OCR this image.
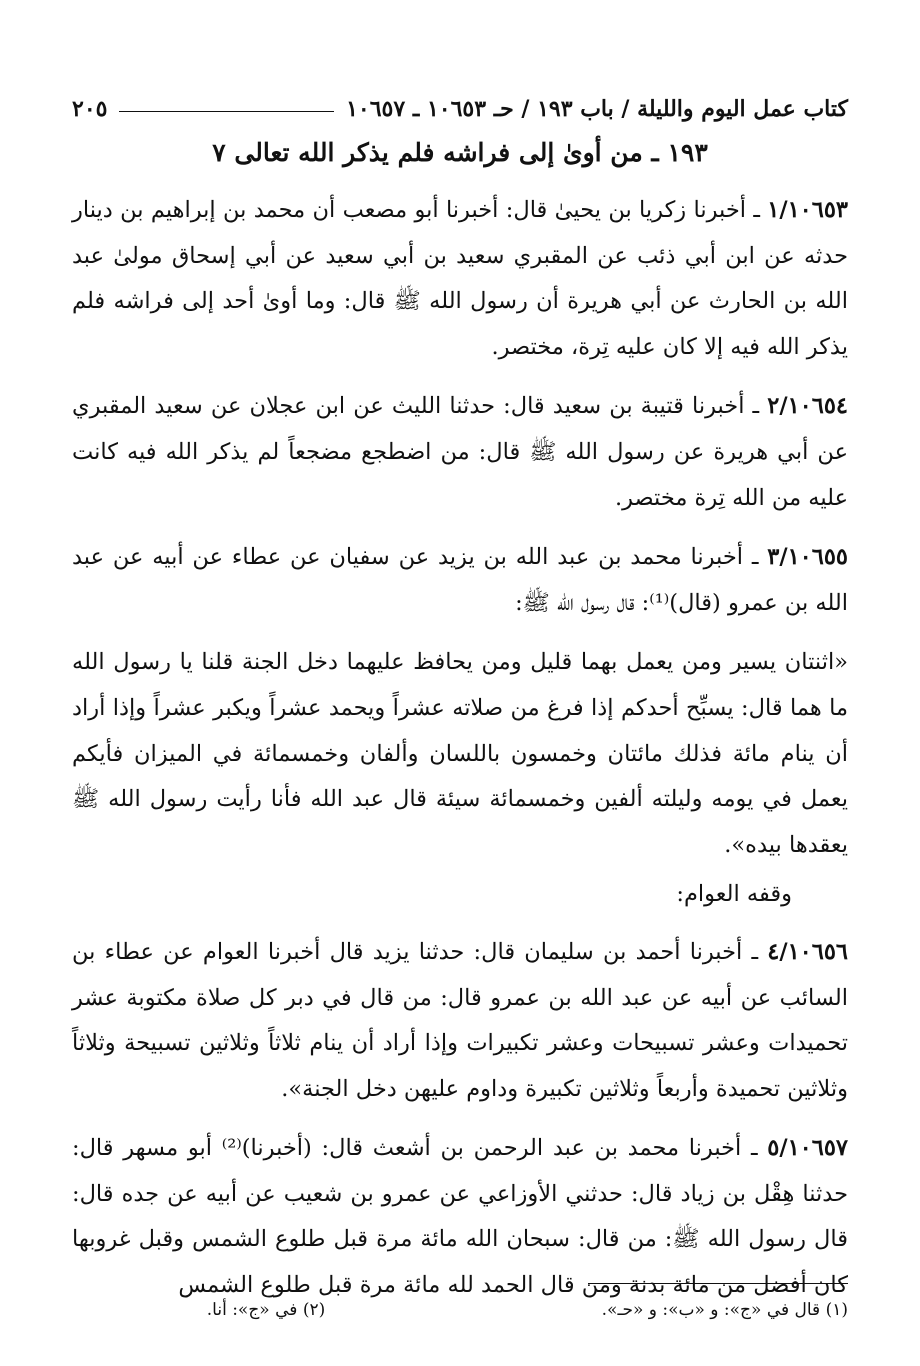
كتاب عمل اليوم والليلة / باب ١٩٣ / حـ ١٠٦٥٣ ـ ١٠٦٥٧
٢٠٥
١٩٣ ـ من أوىٰ إلى فراشه فلم يذكر الله تعالى ٧

١/١٠٦٥٣ ـ أخبرنا زكريا بن يحيىٰ قال: أخبرنا أبو مصعب أن محمد بن إبراهيم بن دينار حدثه عن ابن أبي ذئب عن المقبري سعيد بن أبي سعيد عن أبي إسحاق مولىٰ عبد الله بن الحارث عن أبي هريرة أن رسول الله ﷺ قال: وما أوىٰ أحد إلى فراشه فلم يذكر الله فيه إلا كان عليه تِرة، مختصر.

٢/١٠٦٥٤ ـ أخبرنا قتيبة بن سعيد قال: حدثنا الليث عن ابن عجلان عن سعيد المقبري عن أبي هريرة عن رسول الله ﷺ قال: من اضطجع مضجعاً لم يذكر الله فيه كانت عليه من الله تِرة مختصر.

٣/١٠٦٥٥ ـ أخبرنا محمد بن عبد الله بن يزيد عن سفيان عن عطاء عن أبيه عن عبد الله بن عمرو (قال)⁽¹⁾: قال رسول الله ﷺ:

«اثنتان يسير ومن يعمل بهما قليل ومن يحافظ عليهما دخل الجنة قلنا يا رسول الله ما هما قال: يسبِّح أحدكم إذا فرغ من صلاته عشراً ويحمد عشراً ويكبر عشراً وإذا أراد أن ينام مائة فذلك مائتان وخمسون باللسان وألفان وخمسمائة في الميزان فأيكم يعمل في يومه وليلته ألفين وخمسمائة سيئة قال عبد الله فأنا رأيت رسول الله ﷺ يعقدها بيده».

وقفه العوام:

٤/١٠٦٥٦ ـ أخبرنا أحمد بن سليمان قال: حدثنا يزيد قال أخبرنا العوام عن عطاء بن السائب عن أبيه عن عبد الله بن عمرو قال: من قال في دبر كل صلاة مكتوبة عشر تحميدات وعشر تسبيحات وعشر تكبيرات وإذا أراد أن ينام ثلاثاً وثلاثين تسبيحة وثلاثاً وثلاثين تحميدة وأربعاً وثلاثين تكبيرة وداوم عليهن دخل الجنة».

٥/١٠٦٥٧ ـ أخبرنا محمد بن عبد الرحمن بن أشعث قال: (أخبرنا)⁽²⁾ أبو مسهر قال: حدثنا هِقْل بن زياد قال: حدثني الأوزاعي عن عمرو بن شعيب عن أبيه عن جده قال: قال رسول الله ﷺ: من قال: سبحان الله مائة مرة قبل طلوع الشمس وقبل غروبها كان أفضل من مائة بدنة ومن قال الحمد لله مائة مرة قبل طلوع الشمس

(١) قال في «ج»: و «ب»: و «حـ».
(٢) في «ج»: أنا.
